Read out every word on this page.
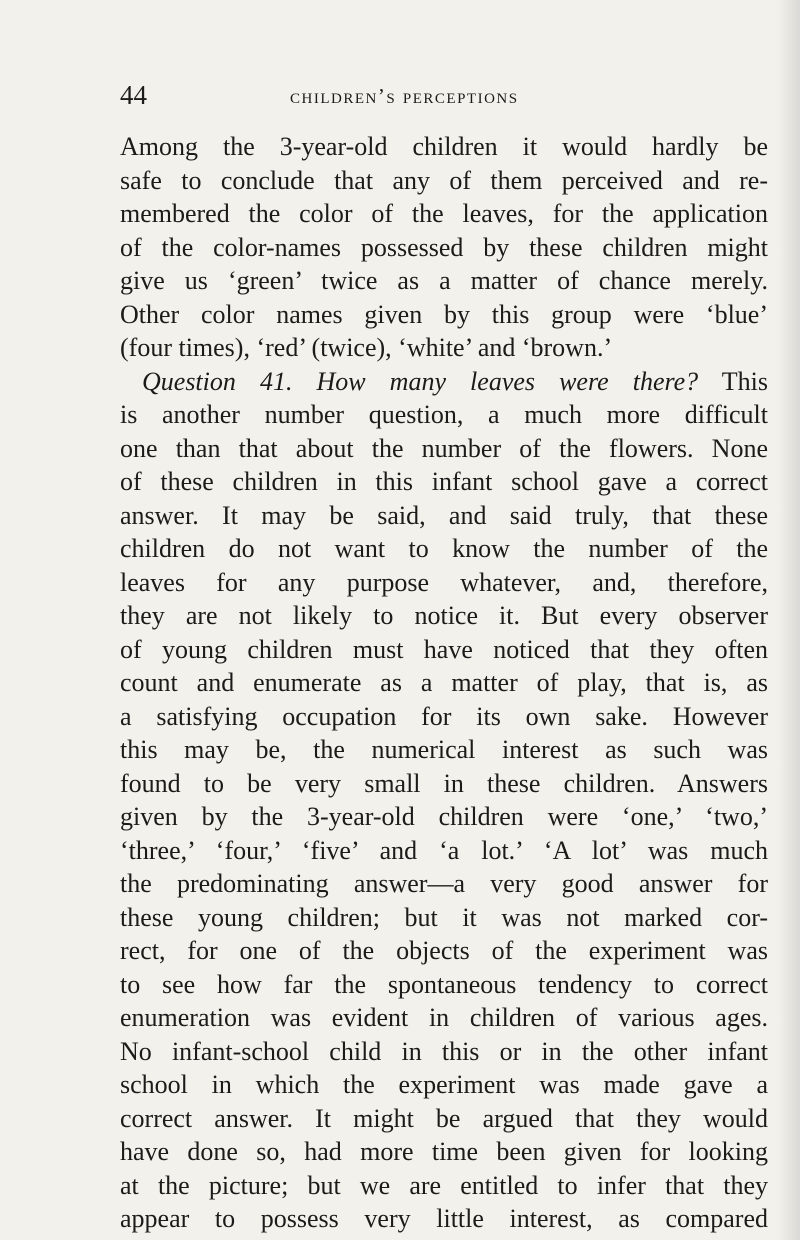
44	children’s perceptions
Among the 3-year-old children it would hardly be
safe to conclude that any of them perceived and re-
membered the color of the leaves, for the application
of the color-names possessed by these children might
give us ‘green’ twice as a matter of chance merely.
Other color names given by this group were ‘blue’
(four times), ‘red’ (twice), ‘white’ and ‘brown.’
Question 41. How many leaves were there? This
is another number question, a much more difficult
one than that about the number of the flowers. None
of these children in this infant school gave a correct
answer. It may be said, and said truly, that these
children do not want to know the number of the
leaves for any purpose whatever, and, therefore,
they are not likely to notice it. But every observer
of young children must have noticed that they often
count and enumerate as a matter of play, that is, as
a satisfying occupation for its own sake. However
this may be, the numerical interest as such was
found to be very small in these children. Answers
given by the 3-year-old children were ‘one,’ ‘two,’
‘three,’ ‘four,’ ‘five’ and ‘a lot.’ ‘A lot’ was much
the predominating answer—a very good answer for
these young children; but it was not marked cor-
rect, for one of the objects of the experiment was
to see how far the spontaneous tendency to correct
enumeration was evident in children of various ages.
No infant-school child in this or in the other infant
school in which the experiment was made gave a
correct answer. It might be argued that they would
have done so, had more time been given for looking
at the picture; but we are entitled to infer that they
appear to possess very little interest, as compared
